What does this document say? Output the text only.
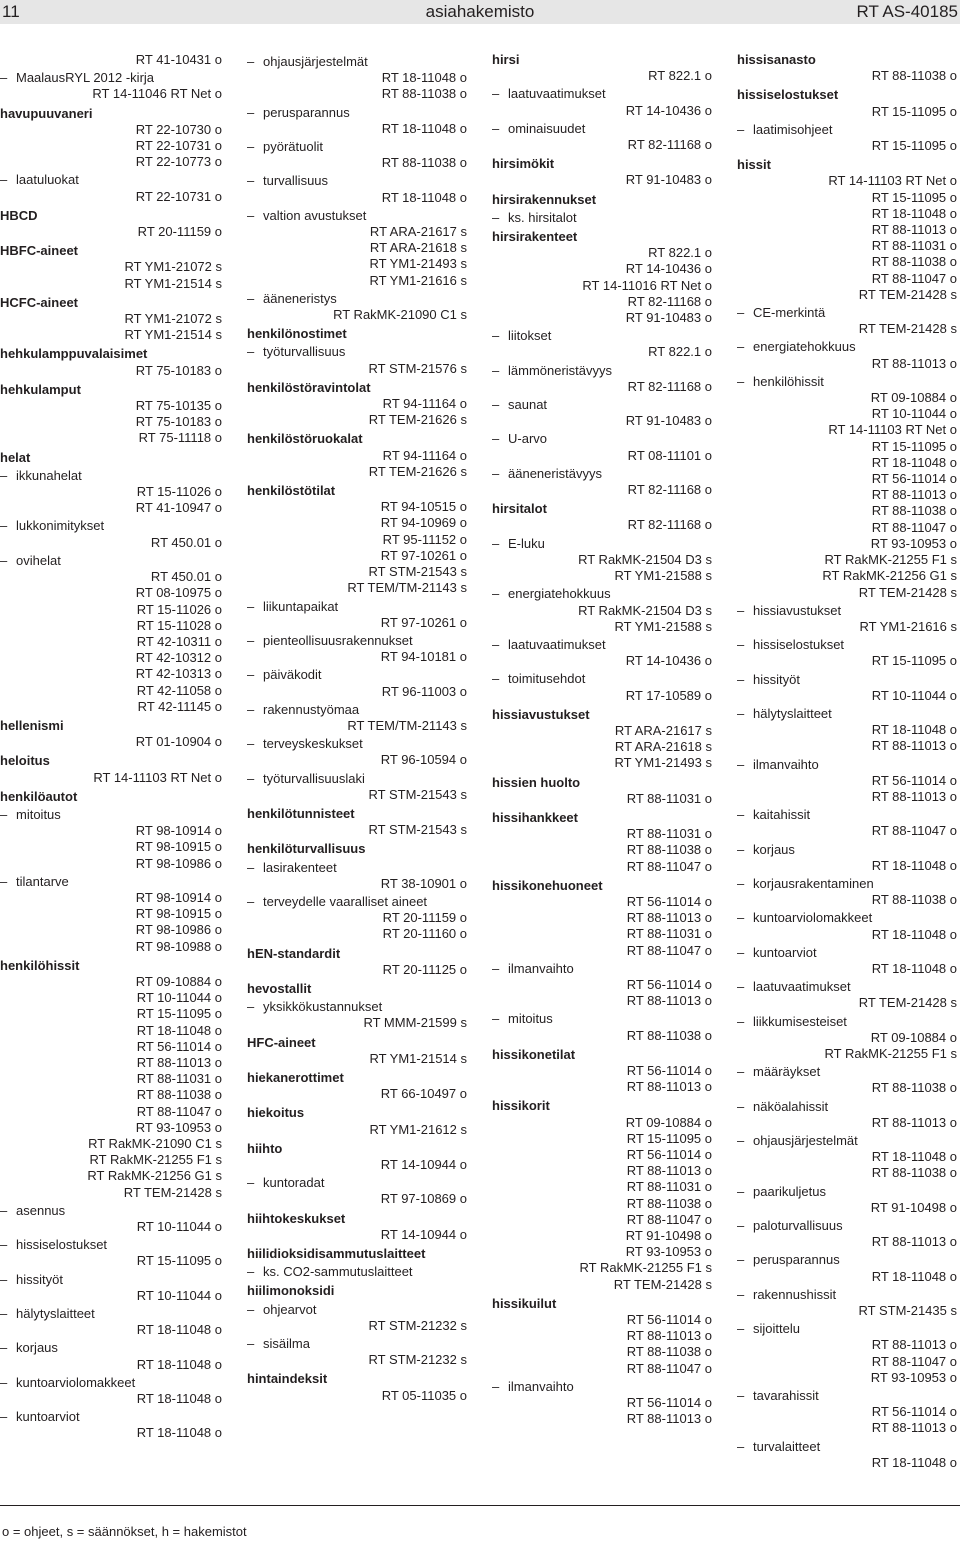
11	asiahakemisto	RT AS-40185
RT 41-10431 o
– MaalausRYL 2012 -kirja
RT 14-11046 RT Net o
havupuuvaneri
RT 22-10730 o
RT 22-10731 o
RT 22-10773 o
– laatuluokat
RT 22-10731 o
HBCD
RT 20-11159 o
HBFC-aineet
RT YM1-21072 s
RT YM1-21514 s
HCFC-aineet
RT YM1-21072 s
RT YM1-21514 s
hehkulamppuvalaisimet
RT 75-10183 o
hehkulamput
RT 75-10135 o
RT 75-10183 o
RT 75-11118 o
helat
– ikkunahelat
RT 15-11026 o
RT 41-10947 o
– lukkonimitykset
RT 450.01 o
– ovihelat
RT 450.01 o
RT 08-10975 o
RT 15-11026 o
RT 15-11028 o
RT 42-10311 o
RT 42-10312 o
RT 42-10313 o
RT 42-11058 o
RT 42-11145 o
hellenismi
RT 01-10904 o
heloitus
RT 14-11103 RT Net o
henkilöautot
– mitoitus
RT 98-10914 o
RT 98-10915 o
RT 98-10986 o
– tilantarve
RT 98-10914 o
RT 98-10915 o
RT 98-10986 o
RT 98-10988 o
henkilöhissit
RT 09-10884 o
RT 10-11044 o
RT 15-11095 o
RT 18-11048 o
RT 56-11014 o
RT 88-11013 o
RT 88-11031 o
RT 88-11038 o
RT 88-11047 o
RT 93-10953 o
RT RakMK-21090 C1 s
RT RakMK-21255 F1 s
RT RakMK-21256 G1 s
RT TEM-21428 s
– asennus
RT 10-11044 o
– hissiselostukset
RT 15-11095 o
– hissityöt
RT 10-11044 o
– hälytyslaitteet
RT 18-11048 o
– korjaus
RT 18-11048 o
– kuntoarviolomakkeet
RT 18-11048 o
– kuntoarviot
RT 18-11048 o
– ohjausjärjestelmät
RT 18-11048 o
RT 88-11038 o
– perusparannus
RT 18-11048 o
– pyörätuolit
RT 88-11038 o
– turvallisuus
RT 18-11048 o
– valtion avustukset
RT ARA-21617 s
RT ARA-21618 s
RT YM1-21493 s
RT YM1-21616 s
– ääneneristys
RT RakMK-21090 C1 s
henkilönostimet
– työturvallisuus
RT STM-21576 s
henkilöstöravintolat
RT 94-11164 o
RT TEM-21626 s
henkilöstöruokalat
RT 94-11164 o
RT TEM-21626 s
henkilöstötilat
RT 94-10515 o
RT 94-10969 o
RT 95-11152 o
RT 97-10261 o
RT STM-21543 s
RT TEM/TM-21143 s
– liikuntapaikat
RT 97-10261 o
– pienteollisuusrakennukset
RT 94-10181 o
– päiväkodit
RT 96-11003 o
– rakennustyömaa
RT TEM/TM-21143 s
– terveyskeskukset
RT 96-10594 o
– työturvallisuuslaki
RT STM-21543 s
henkilötunnisteet
RT STM-21543 s
henkilöturvallisuus
– lasirakenteet
RT 38-10901 o
– terveydelle vaaralliset aineet
RT 20-11159 o
RT 20-11160 o
hEN-standardit
RT 20-11125 o
hevostallit
– yksikkökustannukset
RT MMM-21599 s
HFC-aineet
RT YM1-21514 s
hiekanerottimet
RT 66-10497 o
hiekoitus
RT YM1-21612 s
hiihto
RT 14-10944 o
– kuntoradat
RT 97-10869 o
hiihtokeskukset
RT 14-10944 o
hiilidioksidisammutuslaitteet
– ks. CO2-sammutuslaitteet
hiilimonoksidi
– ohjearvot
RT STM-21232 s
– sisäilma
RT STM-21232 s
hintaindeksit
RT 05-11035 o
hirsi
RT 822.1 o
– laatuvaatimukset
RT 14-10436 o
– ominaisuudet
RT 82-11168 o
hirsimökit
RT 91-10483 o
hirsirakennukset
– ks. hirsitalot
hirsirakenteet
RT 822.1 o
RT 14-10436 o
RT 14-11016 RT Net o
RT 82-11168 o
RT 91-10483 o
– liitokset
RT 822.1 o
– lämmöneristävyys
RT 82-11168 o
– saunat
RT 91-10483 o
– U-arvo
RT 08-11101 o
– ääneneristävyys
RT 82-11168 o
hirsitalot
RT 82-11168 o
– E-luku
RT RakMK-21504 D3 s
RT YM1-21588 s
– energiatehokkuus
RT RakMK-21504 D3 s
RT YM1-21588 s
– laatuvaatimukset
RT 14-10436 o
– toimitusehdot
RT 17-10589 o
hissiavustukset
RT ARA-21617 s
RT ARA-21618 s
RT YM1-21493 s
hissien huolto
RT 88-11031 o
hissihankkeet
RT 88-11031 o
RT 88-11038 o
RT 88-11047 o
hissikonehuoneet
RT 56-11014 o
RT 88-11013 o
RT 88-11031 o
RT 88-11047 o
– ilmanvaihto
RT 56-11014 o
RT 88-11013 o
– mitoitus
RT 88-11038 o
hissikonetilat
RT 56-11014 o
RT 88-11013 o
hissikorit
RT 09-10884 o
RT 15-11095 o
RT 56-11014 o
RT 88-11013 o
RT 88-11031 o
RT 88-11038 o
RT 88-11047 o
RT 91-10498 o
RT 93-10953 o
RT RakMK-21255 F1 s
RT TEM-21428 s
hissikuilut
RT 56-11014 o
RT 88-11013 o
RT 88-11038 o
RT 88-11047 o
– ilmanvaihto
RT 56-11014 o
RT 88-11013 o
hissisanasto
RT 88-11038 o
hissiselostukset
RT 15-11095 o
– laatimisohjeet
RT 15-11095 o
hissit
RT 14-11103 RT Net o
RT 15-11095 o
RT 18-11048 o
RT 88-11013 o
RT 88-11031 o
RT 88-11038 o
RT 88-11047 o
RT TEM-21428 s
– CE-merkintä
RT TEM-21428 s
– energiatehokkuus
RT 88-11013 o
– henkilöhissit
RT 09-10884 o
RT 10-11044 o
RT 14-11103 RT Net o
RT 15-11095 o
RT 18-11048 o
RT 56-11014 o
RT 88-11013 o
RT 88-11038 o
RT 88-11047 o
RT 93-10953 o
RT RakMK-21255 F1 s
RT RakMK-21256 G1 s
RT TEM-21428 s
– hissiavustukset
RT YM1-21616 s
– hissiselostukset
RT 15-11095 o
– hissityöt
RT 10-11044 o
– hälytyslaitteet
RT 18-11048 o
RT 88-11013 o
– ilmanvaihto
RT 56-11014 o
RT 88-11013 o
– kaitahissit
RT 88-11047 o
– korjaus
RT 18-11048 o
– korjausrakentaminen
RT 88-11038 o
– kuntoarviolomakkeet
RT 18-11048 o
– kuntoarviot
RT 18-11048 o
– laatuvaatimukset
RT TEM-21428 s
– liikkumisesteiset
RT 09-10884 o
RT RakMK-21255 F1 s
– määräykset
RT 88-11038 o
– näköalahissit
RT 88-11013 o
– ohjausjärjestelmät
RT 18-11048 o
RT 88-11038 o
– paarikuljetus
RT 91-10498 o
– paloturvallisuus
RT 88-11013 o
– perusparannus
RT 18-11048 o
– rakennushissit
RT STM-21435 s
– sijoittelu
RT 88-11013 o
RT 88-11047 o
RT 93-10953 o
– tavarahissit
RT 56-11014 o
RT 88-11013 o
– turvalaitteet
RT 18-11048 o
o = ohjeet, s = säännökset, h = hakemistot
